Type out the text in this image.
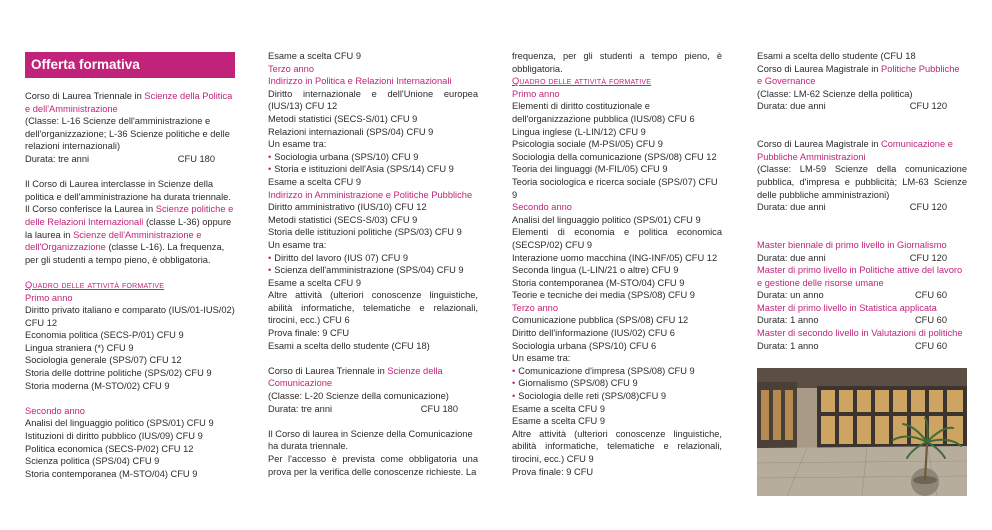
Offerta formativa

Corso di Laurea Triennale in Scienze della Politica e dell'Amministrazione

(Classe: L-16 Scienze dell'amministrazione e dell'organizzazione; L-36 Scienze politiche e delle relazioni internazionali)

Durata: tre anni	CFU 180

Il Corso di Laurea interclasse in Scienze della politica e dell'amministrazione ha durata triennale.

Il Corso conferisce la Laurea in Scienze politiche e delle Relazioni Internazionali (classe L-36) oppure la laurea in Scienze dell'Amministrazione e dell'Organizzazione (classe L-16). La frequenza, per gli studenti a tempo pieno, è obbligatoria.

Quadro delle attività formative

Primo anno

Diritto privato italiano e comparato (IUS/01-IUS/02) CFU 12

Economia politica (SECS-P/01) CFU 9

Lingua straniera (*) CFU 9

Sociologia generale (SPS/07) CFU 12

Storia delle dottrine politiche (SPS/02) CFU 9

Storia moderna (M-STO/02) CFU 9

Secondo anno

Analisi del linguaggio politico (SPS/01) CFU 9

Istituzioni di diritto pubblico (IUS/09) CFU 9

Politica economica (SECS-P/02) CFU 12

Scienza politica (SPS/04) CFU 9

Storia contemporanea (M-STO/04) CFU 9

Esame a scelta CFU 9

Terzo anno

Indirizzo in Politica e Relazioni Internazionali

Diritto internazionale e dell'Unione europea (IUS/13) CFU 12

Metodi statistici (SECS-S/01) CFU 9

Relazioni internazionali (SPS/04) CFU 9

Un esame tra:

• Sociologia urbana (SPS/10) CFU 9

• Storia e istituzioni dell'Asia (SPS/14) CFU 9

Esame a scelta CFU 9

Indirizzo in Amministrazione e Politiche Pubbliche

Diritto amministrativo (IUS/10) CFU 12

Metodi statistici (SECS-S/03) CFU 9

Storia delle istituzioni politiche (SPS/03) CFU 9

Un esame tra:

• Diritto del lavoro (IUS 07) CFU 9

• Scienza dell'amministrazione (SPS/04) CFU 9

Esame a scelta CFU 9

Altre attività (ulteriori conoscenze linguistiche, abilità informatiche, telematiche e relazionali, tirocini, ecc.) CFU 6

Prova finale: 9 CFU

Esami a scelta dello studente (CFU 18)

Corso di Laurea Triennale in Scienze della Comunicazione

(Classe: L-20 Scienze della comunicazione)

Durata: tre anni	CFU 180

Il Corso di laurea in Scienze della Comunicazione ha durata triennale.

Per l'accesso è prevista come obbligatoria una prova per la verifica delle conoscenze richieste. La

frequenza, per gli studenti a tempo pieno, è obbligatoria.

Quadro delle attività formative

Primo anno

Elementi di diritto costituzionale e dell'organizzazione pubblica (IUS/08) CFU 6

Lingua inglese (L-LIN/12) CFU 9

Psicologia sociale (M-PSI/05) CFU 9

Sociologia della comunicazione (SPS/08) CFU 12

Teoria dei linguaggi (M-FIL/05) CFU 9

Teoria sociologica e ricerca sociale (SPS/07) CFU 9

Secondo anno

Analisi del linguaggio politico (SPS/01) CFU 9

Elementi di economia e politica economica (SECSP/02) CFU 9

Interazione uomo macchina (ING-INF/05) CFU 12

Seconda lingua (L-LIN/21 o altre) CFU 9

Storia contemporanea (M-STO/04) CFU 9

Teorie e tecniche dei media (SPS/08) CFU 9

Terzo anno

Comunicazione pubblica (SPS/08) CFU 12

Diritto dell'informazione (IUS/02) CFU 6

Sociologia urbana (SPS/10) CFU 6

Un esame tra:

• Comunicazione d'impresa (SPS/08) CFU 9

• Giornalismo (SPS/08) CFU 9

• Sociologia delle reti (SPS/08)CFU 9

Esame a scelta CFU 9

Esame a scelta CFU 9

Altre attività (ulteriori conoscenze linguistiche, abilità informatiche, telematiche e relazionali, tirocini, ecc.) CFU 9

Prova finale: 9 CFU

Esami a scelta dello studente (CFU 18

Corso di Laurea Magistrale in Politiche Pubbliche e Governance

(Classe: LM-62 Scienze della politica)

Durata: due anni	CFU 120

Corso di Laurea Magistrale in Comunicazione e Pubbliche Amministrazioni

(Classe: LM-59 Scienze della comunicazione pubblica, d'impresa e pubblicità; LM-63 Scienze delle pubbliche amministrazioni)

Durata: due anni	CFU 120

Master biennale di primo livello in Giornalismo

Durata: due anni	CFU 120

Master di primo livello in Politiche attive del lavoro e gestione delle risorse umane

Durata: un anno	CFU 60

Master di primo livello in Statistica applicata

Durata: 1 anno	CFU 60

Master di secondo livello in Valutazioni di politiche

Durata: 1 anno	CFU 60
